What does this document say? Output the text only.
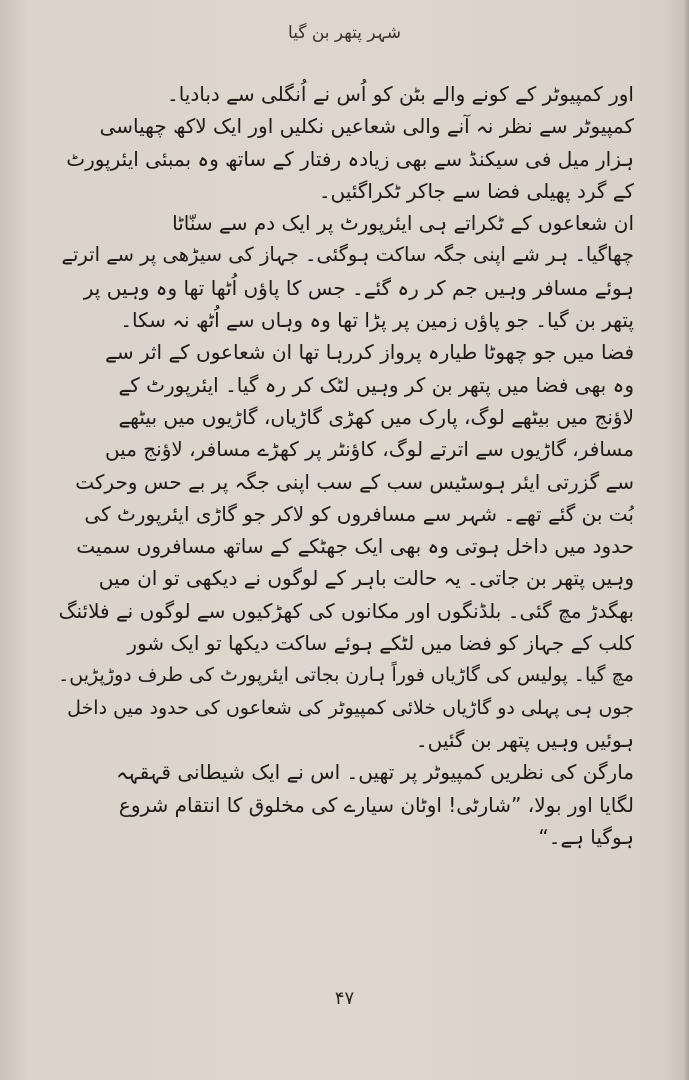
شہر پتھر بن گیا
اور کمپیوٹر کے کونے والے بٹن کو اُس نے اُنگلی سے دبادیا۔
کمپیوٹر سے نظر نہ آنے والی شعاعیں نکلیں اور ایک لاکھ چھیاسی
ہزار میل فی سیکنڈ سے بھی زیادہ رفتار کے ساتھ وہ بمبئی ایئرپورٹ
کے گرد پھیلی فضا سے جاکر ٹکراگئیں۔
ان شعاعوں کے ٹکراتے ہی ایئرپورٹ پر ایک دم سے سنّاٹا
چھاگیا۔ ہر شے اپنی جگہ ساکت ہوگئی۔ جہاز کی سیڑھی پر سے اترتے
ہوئے مسافر وہیں جم کر رہ گئے۔ جس کا پاؤں اُٹھا تھا وہ وہیں پر
پتھر بن گیا۔ جو پاؤں زمین پر پڑا تھا وہ وہاں سے اُٹھ نہ سکا۔
فضا میں جو چھوٹا طیارہ پرواز کررہا تھا ان شعاعوں کے اثر سے
وہ بھی فضا میں پتھر بن کر وہیں لٹک کر رہ گیا۔ ایئرپورٹ کے
لاؤنج میں بیٹھے لوگ، پارک میں کھڑی گاڑیاں، گاڑیوں میں بیٹھے
مسافر، گاڑیوں سے اترتے لوگ، کاؤنٹر پر کھڑے مسافر، لاؤنج میں
سے گزرتی ایئر ہوسٹیس سب کے سب اپنی جگہ پر بے حس وحرکت
بُت بن گئے تھے۔ شہر سے مسافروں کو لاکر جو گاڑی ایئرپورٹ کی
حدود میں داخل ہوتی وہ بھی ایک جھٹکے کے ساتھ مسافروں سمیت
وہیں پتھر بن جاتی۔ یہ حالت باہر کے لوگوں نے دیکھی تو ان میں
بھگدڑ مچ گئی۔ بلڈنگوں اور مکانوں کی کھڑکیوں سے لوگوں نے فلائنگ
کلب کے جہاز کو فضا میں لٹکے ہوئے ساکت دیکھا تو ایک شور
مچ گیا۔ پولیس کی گاڑیاں فوراً ہارن بجاتی ایئرپورٹ کی طرف دوڑپڑیں۔
جوں ہی پہلی دو گاڑیاں خلائی کمپیوٹر کی شعاعوں کی حدود میں داخل
ہوئیں وہیں پتھر بن گئیں۔
مارگن کی نظریں کمپیوٹر پر تھیں۔ اس نے ایک شیطانی قہقہہ
لگایا اور بولا، ”شارٹی! اوٹان سیارے کی مخلوق کا انتقام شروع
ہوگیا ہے۔“
۴۷
